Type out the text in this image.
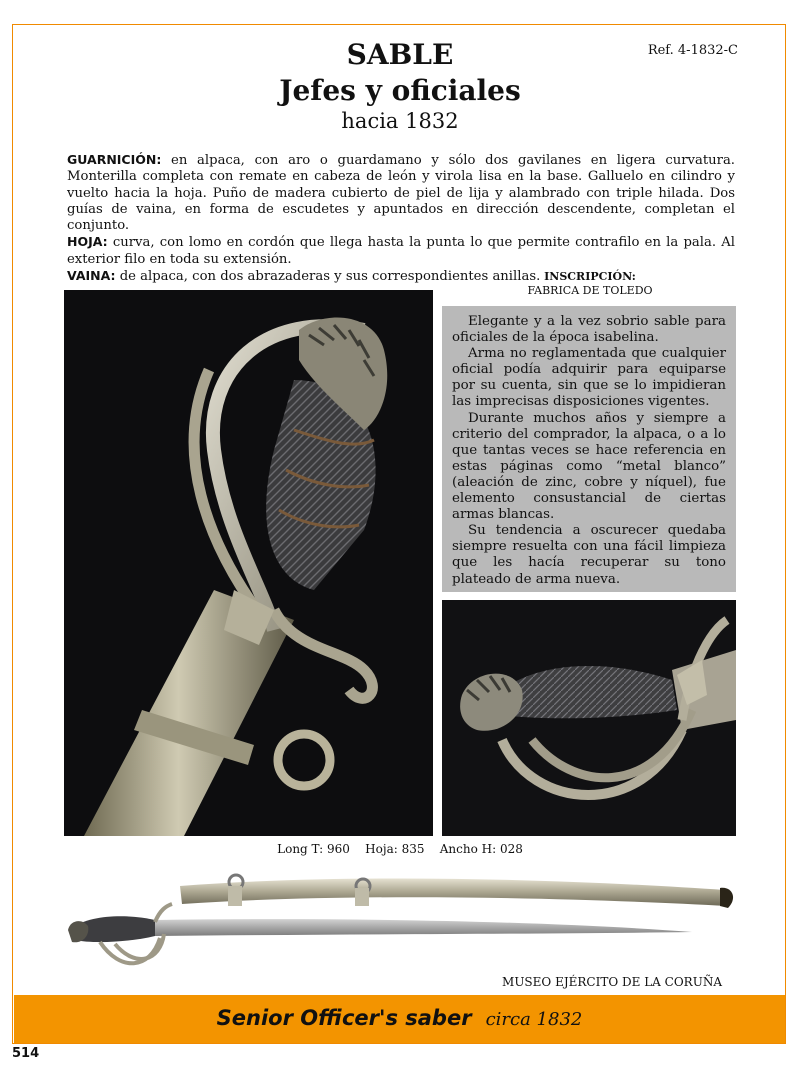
Ref. 4-1832-C
SABLE
Jefes y oficiales
hacia 1832

GUARNICIÓN: en alpaca, con aro o guardamano y sólo dos gavilanes en ligera curvatura. Monterilla completa con remate en cabeza de león y virola lisa en la base. Galluelo en cilindro y vuelto hacia la hoja. Puño de madera cubierto de piel de lija y alambrado con triple hilada. Dos guías de vaina, en forma de escudetes y apuntados en dirección descendente, completan el conjunto.

HOJA: curva, con lomo en cordón que llega hasta la punta lo que permite contrafilo en la pala. Al exterior filo en toda su extensión.

VAINA: de alpaca, con dos abrazaderas y sus correspondientes anillas. INSCRIPCIÓN:
FABRICA DE TOLEDO

Elegante y a la vez sobrio sable para oficiales de la época isabelina.

Arma no reglamentada que cualquier oficial podía adquirir para equiparse por su cuenta, sin que se lo impidieran las imprecisas disposiciones vigentes.

Durante muchos años y siempre a criterio del comprador, la alpaca, o a lo que tantas veces se hace referencia en estas páginas como “metal blanco” (aleación de zinc, cobre y níquel), fue elemento consustancial de ciertas armas blancas.

Su tendencia a oscurecer quedaba siempre resuelta con una fácil limpieza que les hacía recuperar su tono plateado de arma nueva.

Long T: 960 Hoja: 835 Ancho H: 028
MUSEO EJÉRCITO DE LA CORUÑA
Senior Officer's saber circa 1832
514
